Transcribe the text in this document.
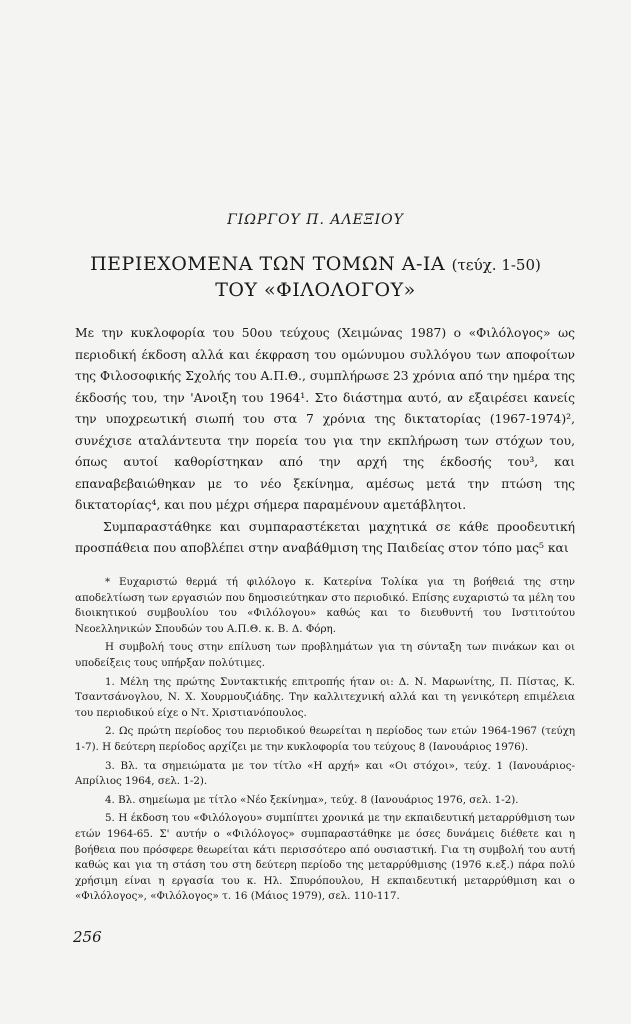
ΓΙΩΡΓΟΥ Π. ΑΛΕΞΙΟΥ
ΠΕΡΙΕΧΟΜΕΝΑ ΤΩΝ ΤΟΜΩΝ Α-ΙΑ (τεύχ. 1-50)
ΤΟΥ «ΦΙΛΟΛΟΓΟΥ»

Με την κυκλοφορία του 50ου τεύχους (Χειμώνας 1987) ο «Φιλόλογος» ως περιοδική έκδοση αλλά και έκφραση του ομώνυμου συλλόγου των αποφοίτων της Φιλοσοφικής Σχολής του Α.Π.Θ., συμπλήρωσε 23 χρόνια από την ημέρα της έκδοσής του, την 'Ανοιξη του 1964¹. Στο διάστημα αυτό, αν εξαιρέσει κανείς την υποχρεωτική σιωπή του στα 7 χρόνια της δικτατορίας (1967-1974)², συνέχισε αταλάντευτα την πορεία του για την εκπλήρωση των στόχων του, όπως αυτοί καθορίστηκαν από την αρχή της έκδοσής του³, και επαναβεβαιώθηκαν με το νέο ξεκίνημα, αμέσως μετά την πτώση της δικτατορίας⁴, και που μέχρι σήμερα παραμένουν αμετάβλητοι.

Συμπαραστάθηκε και συμπαραστέκεται μαχητικά σε κάθε προοδευτική προσπάθεια που αποβλέπει στην αναβάθμιση της Παιδείας στον τόπο μας⁵ και

* Ευχαριστώ θερμά τή φιλόλογο κ. Κατερίνα Τολίκα για τη βοήθειά της στην αποδελτίωση των εργασιών που δημοσιεύτηκαν στο περιοδικό. Επίσης ευχαριστώ τα μέλη του διοικητικού συμβουλίου του «Φιλόλογου» καθώς και το διευθυντή του Ινστιτούτου Νεοελληνικών Σπουδών του Α.Π.Θ. κ. Β. Δ. Φόρη.

Η συμβολή τους στην επίλυση των προβλημάτων για τη σύνταξη των πινάκων και οι υποδείξεις τους υπήρξαν πολύτιμες.

1. Μέλη της πρώτης Συντακτικής επιτροπής ήταν οι: Δ. Ν. Μαρωνίτης, Π. Πίστας, Κ. Τσαντσάνογλου, Ν. Χ. Χουρμουζιάδης. Την καλλιτεχνική αλλά και τη γενικότερη επιμέλεια του περιοδικού είχε ο Ντ. Χριστιανόπουλος.

2. Ως πρώτη περίοδος του περιοδικού θεωρείται η περίοδος των ετών 1964-1967 (τεύχη 1-7). Η δεύτερη περίοδος αρχίζει με την κυκλοφορία του τεύχους 8 (Ιανουάριος 1976).

3. Βλ. τα σημειώματα με τον τίτλο «Η αρχή» και «Οι στόχοι», τεύχ. 1 (Ιανουάριος-Απρίλιος 1964, σελ. 1-2).

4. Βλ. σημείωμα με τίτλο «Νέο ξεκίνημα», τεύχ. 8 (Ιανουάριος 1976, σελ. 1-2).

5. Η έκδοση του «Φιλόλογου» συμπίπτει χρονικά με την εκπαιδευτική μεταρρύθμιση των ετών 1964-65. Σ' αυτήν ο «Φιλόλογος» συμπαραστάθηκε με όσες δυνάμεις διέθετε και η βοήθεια που πρόσφερε θεωρείται κάτι περισσότερο από ουσιαστική. Για τη συμβολή του αυτή καθώς και για τη στάση του στη δεύτερη περίοδο της μεταρρύθμισης (1976 κ.εξ.) πάρα πολύ χρήσιμη είναι η εργασία του κ. Ηλ. Σπυρόπουλου, Η εκπαιδευτική μεταρρύθμιση και ο «Φιλόλογος», «Φιλόλογος» τ. 16 (Μάιος 1979), σελ. 110-117.

256
